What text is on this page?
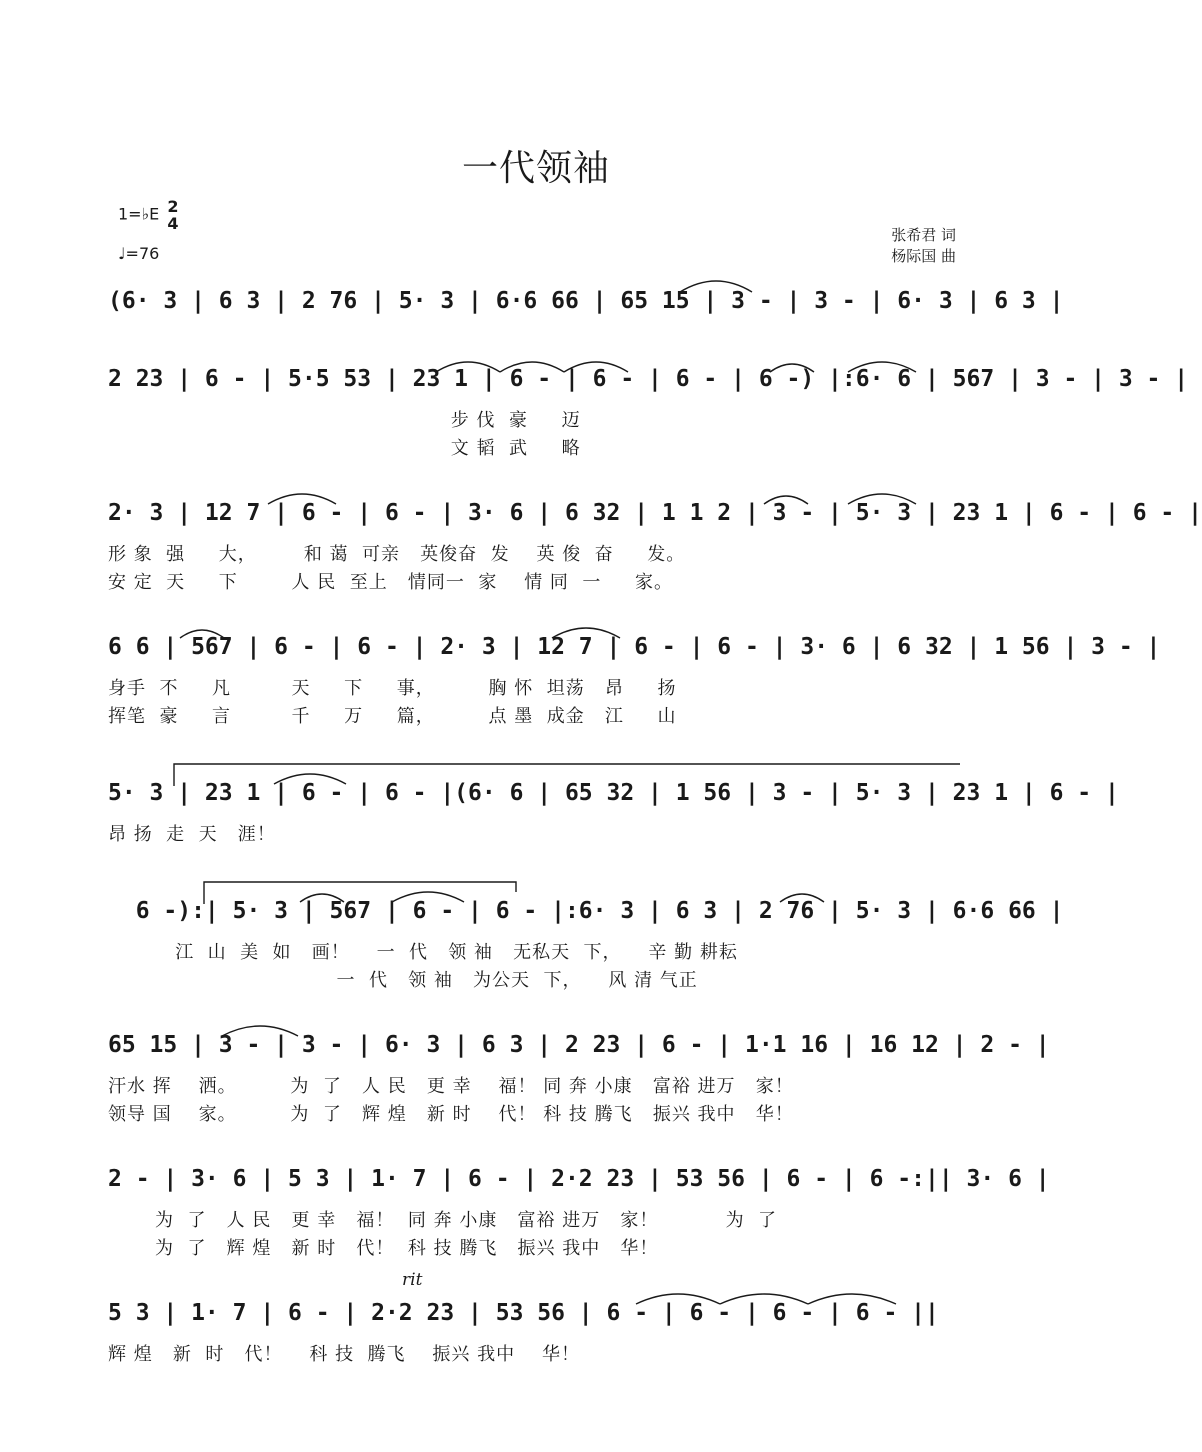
一代领袖
1=♭E 2
4
♩=76
张希君 词
杨际国 曲
(6· 3 | 6 3 | 2 76 | 5· 3 | 6·6 66 | 65 15 | 3 - | 3 - | 6· 3 | 6 3 |
2 23 | 6 - | 5·5 53 | 23 1 | 6 - | 6 - | 6 - | 6 -) |:6· 6 | 567 | 3 - | 3 - |
步 伐  豪     迈
文 韬  武     略
2· 3 | 12 7 | 6 - | 6 - | 3· 6 | 6 32 | 1 1 2 | 3 - | 5· 3 | 23 1 | 6 - | 6 - |
形 象  强     大，       和 蔼  可亲   英俊奋  发    英 俊  奋     发。
安 定  天     下        人 民  至上   情同一  家    情 同  一     家。
6 6 | 567 | 6 - | 6 - | 2· 3 | 12 7 | 6 - | 6 - | 3· 6 | 6 32 | 1 56 | 3 - |
身手  不     凡         天     下     事，        胸 怀  坦荡   昂     扬
挥笔  豪     言         千     万     篇，        点 墨  成金   江     山
5· 3 | 23 1 | 6 - | 6 - |(6· 6 | 65 32 | 1 56 | 3 - | 5· 3 | 23 1 | 6 - |
昂 扬  走  天   涯！
6 -):| 5· 3 | 567 | 6 - | 6 - |:6· 3 | 6 3 | 2 76 | 5· 3 | 6·6 66 |
江  山  美  如   画！    一  代   领 袖   无私天  下，    辛 勤 耕耘
一  代   领 袖   为公天  下，    风 清 气正
65 15 | 3 - | 3 - | 6· 3 | 6 3 | 2 23 | 6 - | 1·1 16 | 16 12 | 2 - |
汗水 挥    洒。        为  了   人 民   更 幸    福！ 同 奔 小康   富裕 进万   家！
领导 国    家。        为  了   辉 煌   新 时    代！ 科 技 腾飞   振兴 我中   华！
2 - | 3· 6 | 5 3 | 1· 7 | 6 - | 2·2 23 | 53 56 | 6 - | 6 -:|| 3· 6 |
为  了   人 民   更 幸   福！  同 奔 小康   富裕 进万   家！          为  了
为  了   辉 煌   新 时   代！  科 技 腾飞   振兴 我中   华！
rit
5 3 | 1· 7 | 6 - | 2·2 23 | 53 56 | 6 - | 6 - | 6 - | 6 - ||
辉 煌   新  时   代！    科 技  腾飞    振兴 我中    华！
